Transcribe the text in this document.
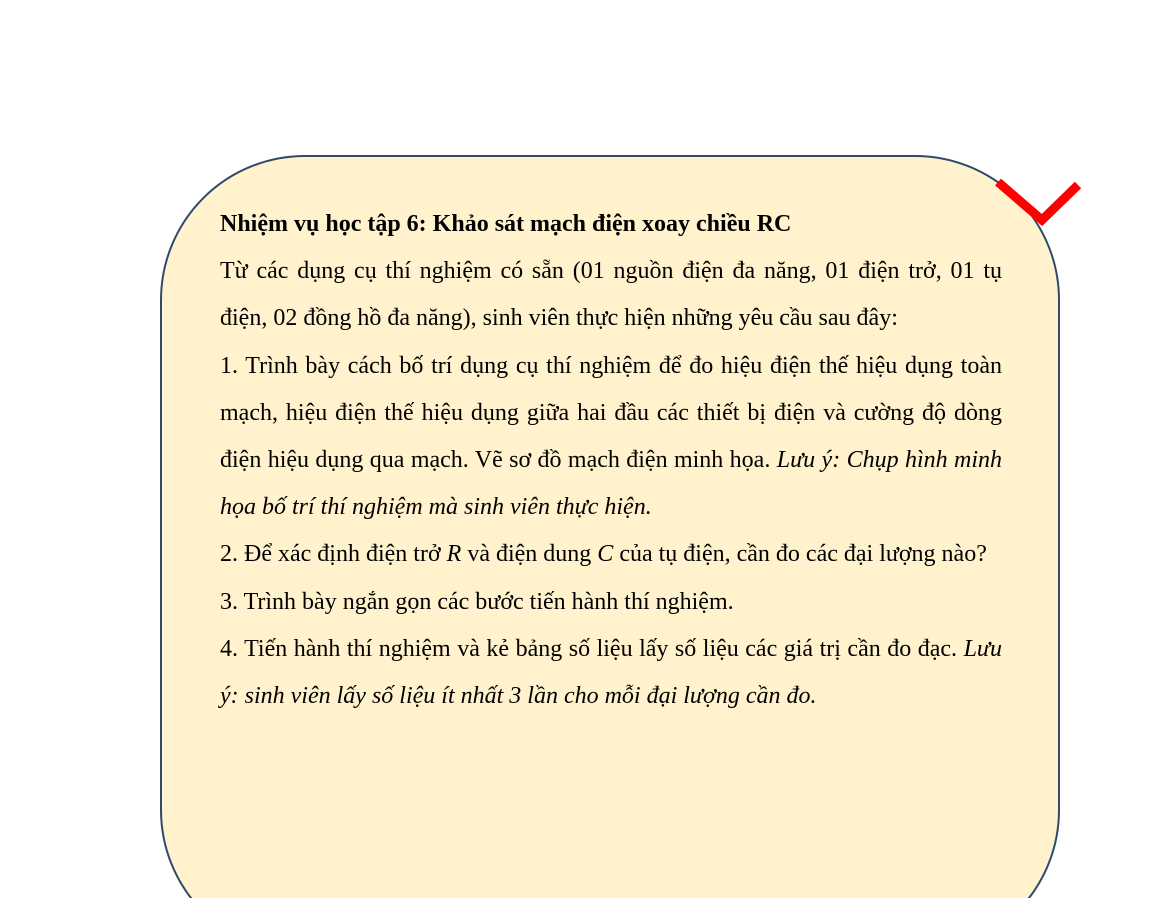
Nhiệm vụ học tập 6: Khảo sát mạch điện xoay chiều RC

Từ các dụng cụ thí nghiệm có sẵn (01 nguồn điện đa năng, 01 điện trở, 01 tụ điện, 02 đồng hồ đa năng), sinh viên thực hiện những yêu cầu sau đây:

1. Trình bày cách bố trí dụng cụ thí nghiệm để đo hiệu điện thế hiệu dụng toàn mạch, hiệu điện thế hiệu dụng giữa hai đầu các thiết bị điện và cường độ dòng điện hiệu dụng qua mạch. Vẽ sơ đồ mạch điện minh họa. Lưu ý: Chụp hình minh họa bố trí thí nghiệm mà sinh viên thực hiện.

2. Để xác định điện trở R và điện dung C của tụ điện, cần đo các đại lượng nào?

3. Trình bày ngắn gọn các bước tiến hành thí nghiệm.

4. Tiến hành thí nghiệm và kẻ bảng số liệu lấy số liệu các giá trị cần đo đạc. Lưu ý: sinh viên lấy số liệu ít nhất 3 lần cho mỗi đại lượng cần đo.
